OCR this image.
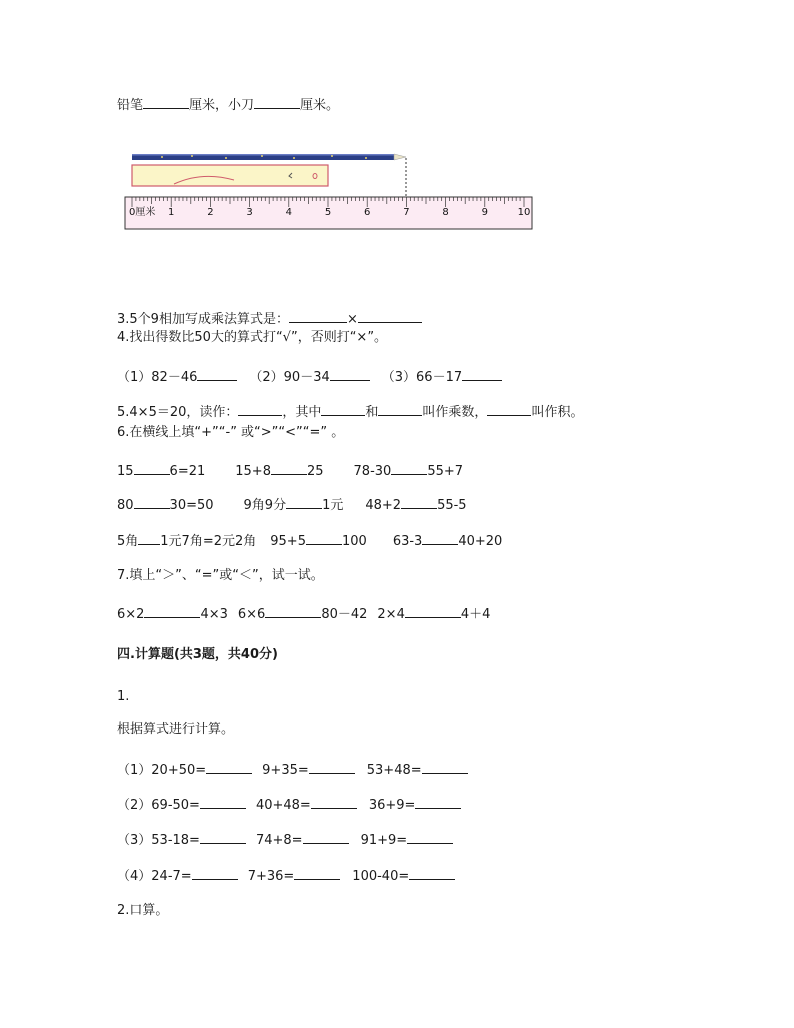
铅笔	厘米，小刀	厘米。
0厘米 1	2	3	4	5	6	7	8	9	10
3.5个9相加写成乘法算式是：	×
4.找出得数比50大的算式打“√”，否则打“×”。
（1）82－46	（2）90－34	（3）66－17
5.4×5＝20，读作：	，其中	和	叫作乘数，	叫作积。
6.在横线上填“+”“-” 或“>”“<”“=” 。
15	6=21 15+8	25 78-30	55+7
80	30=50 9角9分	1元 48+2	55-5
5角 1元7角=2元2角 95+5	100 63-3	40+20
7.填上“＞”、“=”或“＜”，试一试。
6×2	4×3 6×6	80－42 2×4	4＋4
四.计算题(共3题，共40分)
1.
根据算式进行计算。
（1）20+50=	9+35=	53+48=
（2）69-50=	40+48=	36+9=
（3）53-18=	74+8=	91+9=
（4）24-7=	7+36=	100-40=
2.口算。
